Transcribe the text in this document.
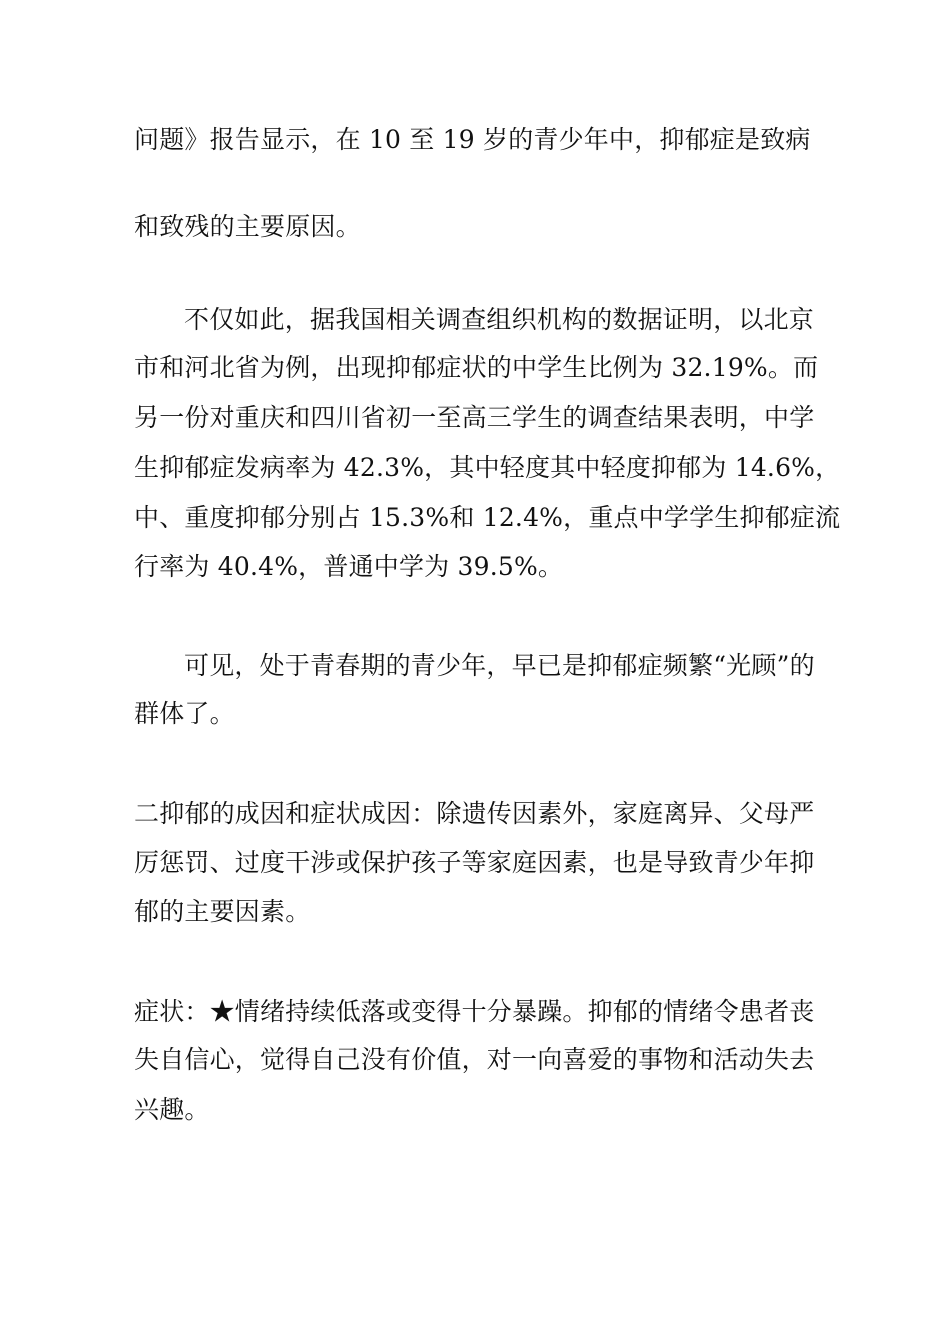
问题》报告显示，在 10 至 19 岁的青少年中，抑郁症是致病
和致残的主要原因。
不仅如此，据我国相关调查组织机构的数据证明，以北京
市和河北省为例，出现抑郁症状的中学生比例为 32.19%。而
另一份对重庆和四川省初一至高三学生的调查结果表明，中学
生抑郁症发病率为 42.3%，其中轻度其中轻度抑郁为 14.6%，
中、重度抑郁分别占 15.3%和 12.4%，重点中学学生抑郁症流
行率为 40.4%，普通中学为 39.5%。
可见，处于青春期的青少年，早已是抑郁症频繁“光顾”的
群体了。
二抑郁的成因和症状成因：除遗传因素外，家庭离异、父母严
厉惩罚、过度干涉或保护孩子等家庭因素，也是导致青少年抑
郁的主要因素。
症状：★情绪持续低落或变得十分暴躁。抑郁的情绪令患者丧
失自信心，觉得自己没有价值，对一向喜爱的事物和活动失去
兴趣。
